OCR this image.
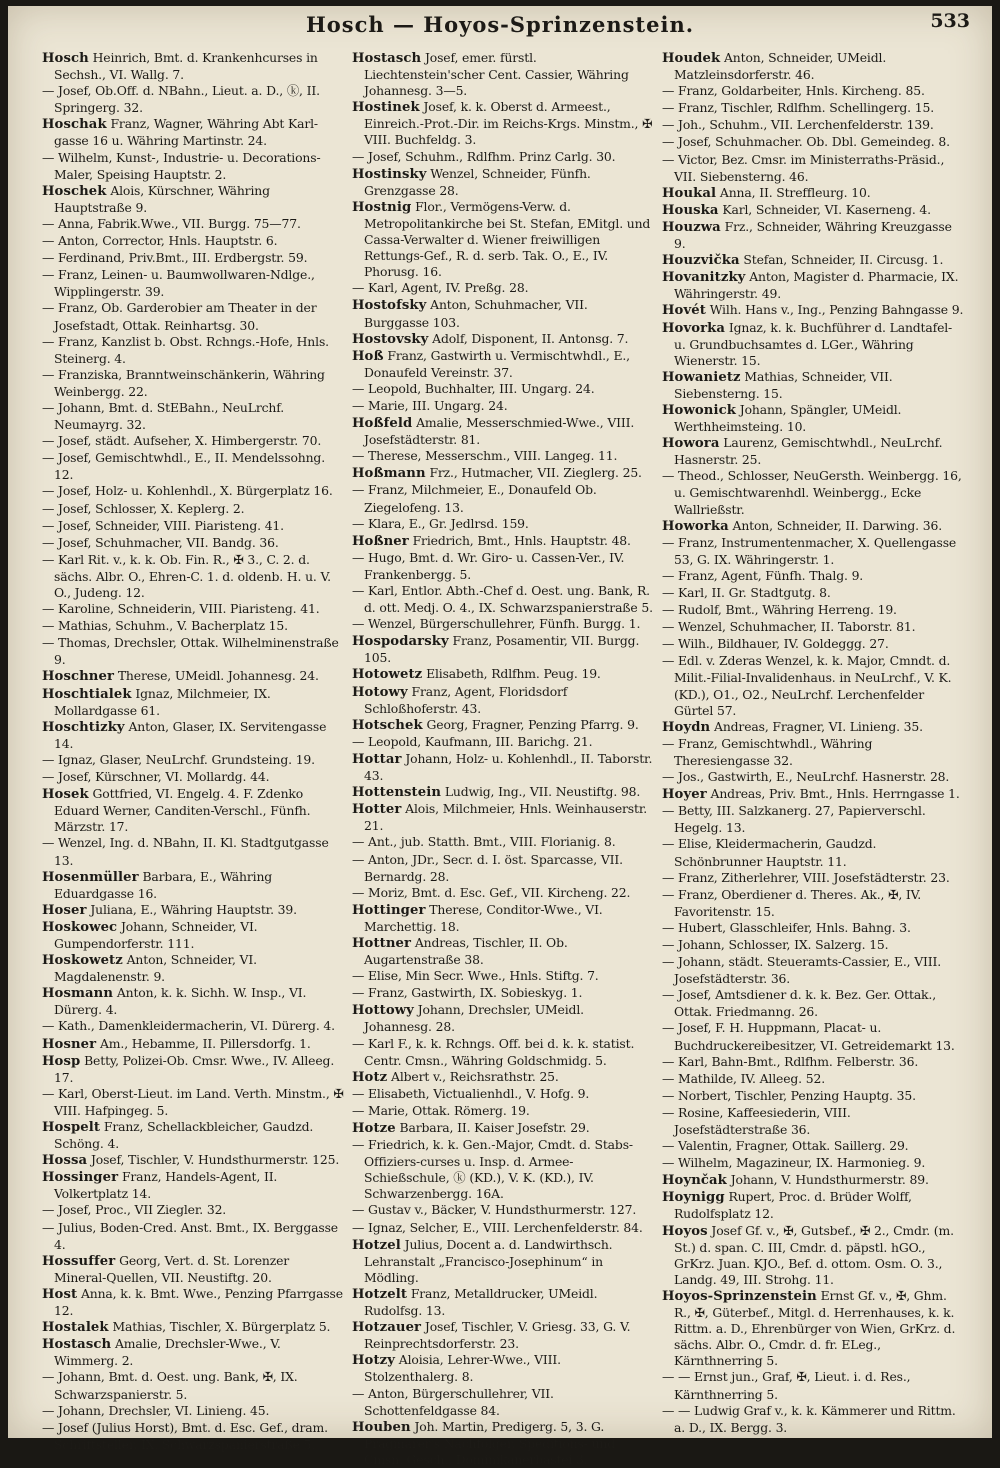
Hosch — Hoyos-Sprinzenstein.	533

Hosch Heinrich, Bmt. d. Krankenhcurses in Sechsh., VI. Wallg. 7.

— Josef, Ob.Off. d. NBahn., Lieut. a. D., ⓚ, II. Springerg. 32.

Hoschak Franz, Wagner, Währing Abt Karl-gasse 16 u. Währing Martinstr. 24.

— Wilhelm, Kunst-, Industrie- u. Decorations-Maler, Speising Hauptstr. 2.

Hoschek Alois, Kürschner, Währing Hauptstraße 9.

— Anna, Fabrik.Wwe., VII. Burgg. 75—77.

— Anton, Corrector, Hnls. Hauptstr. 6.

— Ferdinand, Priv.Bmt., III. Erdbergstr. 59.

— Franz, Leinen- u. Baumwollwaren-Ndlge., Wipplingerstr. 39.

— Franz, Ob. Garderobier am Theater in der Josefstadt, Ottak. Reinhartsg. 30.

— Franz, Kanzlist b. Obst. Rchngs.-Hofe, Hnls. Steinerg. 4.

— Franziska, Branntweinschänkerin, Währing Weinbergg. 22.

— Johann, Bmt. d. StEBahn., NeuLrchf. Neumayrg. 32.

— Josef, städt. Aufseher, X. Himbergerstr. 70.

— Josef, Gemischtwhdl., E., II. Mendelssohng. 12.

— Josef, Holz- u. Kohlenhdl., X. Bürgerplatz 16.

— Josef, Schlosser, X. Keplerg. 2.

— Josef, Schneider, VIII. Piaristeng. 41.

— Josef, Schuhmacher, VII. Bandg. 36.

— Karl Rit. v., k. k. Ob. Fin. R., ✠ 3., C. 2. d. sächs. Albr. O., Ehren-C. 1. d. oldenb. H. u. V. O., Judeng. 12.

— Karoline, Schneiderin, VIII. Piaristeng. 41.

— Mathias, Schuhm., V. Bacherplatz 15.

— Thomas, Drechsler, Ottak. Wilhelminenstraße 9.

Hoschner Therese, UMeidl. Johannesg. 24.

Hoschtialek Ignaz, Milchmeier, IX. Mollardgasse 61.

Hoschtizky Anton, Glaser, IX. Servitengasse 14.

— Ignaz, Glaser, NeuLrchf. Grundsteing. 19.

— Josef, Kürschner, VI. Mollardg. 44.

Hosek Gottfried, VI. Engelg. 4. F. Zdenko Eduard Werner, Canditen-Verschl., Fünfh. Märzstr. 17.

— Wenzel, Ing. d. NBahn, II. Kl. Stadtgutgasse 13.

Hosenmüller Barbara, E., Währing Eduardgasse 16.

Hoser Juliana, E., Währing Hauptstr. 39.

Hoskowec Johann, Schneider, VI. Gumpendorferstr. 111.

Hoskowetz Anton, Schneider, VI. Magdalenenstr. 9.

Hosmann Anton, k. k. Sichh. W. Insp., VI. Dürerg. 4.

— Kath., Damenkleidermacherin, VI. Dürerg. 4.

Hosner Am., Hebamme, II. Pillersdorfg. 1.

Hosp Betty, Polizei-Ob. Cmsr. Wwe., IV. Alleeg. 17.

— Karl, Oberst-Lieut. im Land. Verth. Minstm., ✠ VIII. Hafpingeg. 5.

Hospelt Franz, Schellackbleicher, Gaudzd. Schöng. 4.

Hossa Josef, Tischler, V. Hundsthurmerstr. 125.

Hossinger Franz, Handels-Agent, II. Volkertplatz 14.

— Josef, Proc., VII Ziegler. 32.

— Julius, Boden-Cred. Anst. Bmt., IX. Berggasse 4.

Hossuffer Georg, Vert. d. St. Lorenzer Mineral-Quellen, VII. Neustiftg. 20.

Host Anna, k. k. Bmt. Wwe., Penzing Pfarrgasse 12.

Hostalek Mathias, Tischler, X. Bürgerplatz 5.

Hostasch Amalie, Drechsler-Wwe., V. Wimmerg. 2.

— Johann, Bmt. d. Oest. ung. Bank, ✠, IX. Schwarzspanierstr. 5.

— Johann, Drechsler, VI. Linieng. 45.

— Josef (Julius Horst), Bmt. d. Esc. Gef., dram. Schriftsteller, IX. Schwarzspanierstraße 5.

Hostasch Josef, emer. fürstl. Liechtenstein'scher Cent. Cassier, Währing Johannesg. 3—5.

Hostinek Josef, k. k. Oberst d. Armeest., Einreich.-Prot.-Dir. im Reichs-Krgs. Minstm., ✠ VIII. Buchfeldg. 3.

— Josef, Schuhm., Rdlfhm. Prinz Carlg. 30.

Hostinsky Wenzel, Schneider, Fünfh. Grenzgasse 28.

Hostnig Flor., Vermögens-Verw. d. Metropolitankirche bei St. Stefan, EMitgl. und Cassa-Verwalter d. Wiener freiwilligen Rettungs-Gef., R. d. serb. Tak. O., E., IV. Phorusg. 16.

— Karl, Agent, IV. Preßg. 28.

Hostofsky Anton, Schuhmacher, VII. Burggasse 103.

Hostovsky Adolf, Disponent, II. Antonsg. 7.

Hoß Franz, Gastwirth u. Vermischtwhdl., E., Donaufeld Vereinstr. 37.

— Leopold, Buchhalter, III. Ungarg. 24.

— Marie, III. Ungarg. 24.

Hoßfeld Amalie, Messerschmied-Wwe., VIII. Josefstädterstr. 81.

— Therese, Messerschm., VIII. Langeg. 11.

Hoßmann Frz., Hutmacher, VII. Zieglerg. 25.

— Franz, Milchmeier, E., Donaufeld Ob. Ziegelofeng. 13.

— Klara, E., Gr. Jedlrsd. 159.

Hoßner Friedrich, Bmt., Hnls. Hauptstr. 48.

— Hugo, Bmt. d. Wr. Giro- u. Cassen-Ver., IV. Frankenbergg. 5.

— Karl, Entlor. Abth.-Chef d. Oest. ung. Bank, R. d. ott. Medj. O. 4., IX. Schwarzspanierstraße 5.

— Wenzel, Bürgerschullehrer, Fünfh. Burgg. 1.

Hospodarsky Franz, Posamentir, VII. Burgg. 105.

Hotowetz Elisabeth, Rdlfhm. Peug. 19.

Hotowy Franz, Agent, Floridsdorf Schloßhoferstr. 43.

Hotschek Georg, Fragner, Penzing Pfarrg. 9.

— Leopold, Kaufmann, III. Barichg. 21.

Hottar Johann, Holz- u. Kohlenhdl., II. Taborstr. 43.

Hottenstein Ludwig, Ing., VII. Neustiftg. 98.

Hotter Alois, Milchmeier, Hnls. Weinhauserstr. 21.

— Ant., jub. Statth. Bmt., VIII. Florianig. 8.

— Anton, JDr., Secr. d. I. öst. Sparcasse, VII. Bernardg. 28.

— Moriz, Bmt. d. Esc. Gef., VII. Kircheng. 22.

Hottinger Therese, Conditor-Wwe., VI. Marchettig. 18.

Hottner Andreas, Tischler, II. Ob. Augartenstraße 38.

— Elise, Min Secr. Wwe., Hnls. Stiftg. 7.

— Franz, Gastwirth, IX. Sobieskyg. 1.

Hottowy Johann, Drechsler, UMeidl. Johannesg. 28.

— Karl F., k. k. Rchngs. Off. bei d. k. k. statist. Centr. Cmsn., Währing Goldschmidg. 5.

Hotz Albert v., Reichsrathstr. 25.

— Elisabeth, Victualienhdl., V. Hofg. 9.

— Marie, Ottak. Römerg. 19.

Hotze Barbara, II. Kaiser Josefstr. 29.

— Friedrich, k. k. Gen.-Major, Cmdt. d. Stabs-Offiziers-curses u. Insp. d. Armee-Schießschule, ⓚ (KD.), V. K. (KD.), IV. Schwarzenbergg. 16A.

— Gustav v., Bäcker, V. Hundsthurmerstr. 127.

— Ignaz, Selcher, E., VIII. Lerchenfelderstr. 84.

Hotzel Julius, Docent a. d. Landwirthsch. Lehranstalt „Francisco-Josephinum“ in Mödling.

Hotzelt Franz, Metalldrucker, UMeidl. Rudolfsg. 13.

Hotzauer Josef, Tischler, V. Griesg. 33, G. V. Reinprechtsdorferstr. 23.

Hotzy Aloisia, Lehrer-Wwe., VIII. Stolzenthalerg. 8.

— Anton, Bürgerschullehrer, VII. Schottenfeldgasse 84.

Houben Joh. Martin, Predigerg. 5, 3. G. Pragmarer's Nachfolger, Speditions- und Cmsn. Gesch., Dominikanerbastei 3.

Houdek Anton, Schneider, UMeidl. Matzleinsdorferstr. 46.

— Franz, Goldarbeiter, Hnls. Kircheng. 85.

— Franz, Tischler, Rdlfhm. Schellingerg. 15.

— Joh., Schuhm., VII. Lerchenfelderstr. 139.

— Josef, Schuhmacher. Ob. Dbl. Gemeindeg. 8.

— Victor, Bez. Cmsr. im Ministerraths-Präsid., VII. Siebensterng. 46.

Houkal Anna, II. Streffleurg. 10.

Houska Karl, Schneider, VI. Kaserneng. 4.

Houzwa Frz., Schneider, Währing Kreuzgasse 9.

Houzvička Stefan, Schneider, II. Circusg. 1.

Hovanitzky Anton, Magister d. Pharmacie, IX. Währingerstr. 49.

Hovét Wilh. Hans v., Ing., Penzing Bahngasse 9.

Hovorka Ignaz, k. k. Buchführer d. Landtafel- u. Grundbuchsamtes d. LGer., Währing Wienerstr. 15.

Howanietz Mathias, Schneider, VII. Siebensterng. 15.

Howonick Johann, Spängler, UMeidl. Werthheimsteing. 10.

Howora Laurenz, Gemischtwhdl., NeuLrchf. Hasnerstr. 25.

— Theod., Schlosser, NeuGersth. Weinbergg. 16, u. Gemischtwarenhdl. Weinbergg., Ecke Wallrießstr.

Howorka Anton, Schneider, II. Darwing. 36.

— Franz, Instrumentenmacher, X. Quellengasse 53, G. IX. Währingerstr. 1.

— Franz, Agent, Fünfh. Thalg. 9.

— Karl, II. Gr. Stadtgutg. 8.

— Rudolf, Bmt., Währing Herreng. 19.

— Wenzel, Schuhmacher, II. Taborstr. 81.

— Wilh., Bildhauer, IV. Goldeggg. 27.

— Edl. v. Zderas Wenzel, k. k. Major, Cmndt. d. Milit.-Filial-Invalidenhaus. in NeuLrchf., V. K. (KD.), O1., O2., NeuLrchf. Lerchenfelder Gürtel 57.

Hoydn Andreas, Fragner, VI. Linieng. 35.

— Franz, Gemischtwhdl., Währing Theresiengasse 32.

— Jos., Gastwirth, E., NeuLrchf. Hasnerstr. 28.

Hoyer Andreas, Priv. Bmt., Hnls. Herrngasse 1.

— Betty, III. Salzkanerg. 27, Papierverschl. Hegelg. 13.

— Elise, Kleidermacherin, Gaudzd. Schönbrunner Hauptstr. 11.

— Franz, Zitherlehrer, VIII. Josefstädterstr. 23.

— Franz, Oberdiener d. Theres. Ak., ✠, IV. Favoritenstr. 15.

— Hubert, Glasschleifer, Hnls. Bahng. 3.

— Johann, Schlosser, IX. Salzerg. 15.

— Johann, städt. Steueramts-Cassier, E., VIII. Josefstädterstr. 36.

— Josef, Amtsdiener d. k. k. Bez. Ger. Ottak., Ottak. Friedmanng. 26.

— Josef, F. H. Huppmann, Placat- u. Buchdruckereibesitzer, VI. Getreidemarkt 13.

— Karl, Bahn-Bmt., Rdlfhm. Felberstr. 36.

— Mathilde, IV. Alleeg. 52.

— Norbert, Tischler, Penzing Hauptg. 35.

— Rosine, Kaffeesiederin, VIII. Josefstädterstraße 36.

— Valentin, Fragner, Ottak. Saillerg. 29.

— Wilhelm, Magazineur, IX. Harmonieg. 9.

Hoynčak Johann, V. Hundsthurmerstr. 89.

Hoynigg Rupert, Proc. d. Brüder Wolff, Rudolfsplatz 12.

Hoyos Josef Gf. v., ✠, Gutsbef., ✠ 2., Cmdr. (m. St.) d. span. C. III, Cmdr. d. päpstl. hGO., GrKrz. Juan. KJO., Bef. d. ottom. Osm. O. 3., Landg. 49, III. Strohg. 11.

Hoyos-Sprinzenstein Ernst Gf. v., ✠, Ghm. R., ✠, Güterbef., Mitgl. d. Herrenhauses, k. k. Rittm. a. D., Ehrenbürger von Wien, GrKrz. d. sächs. Albr. O., Cmdr. d. fr. ELeg., Kärnthnerring 5.

— — Ernst jun., Graf, ✠, Lieut. i. d. Res., Kärnthnerring 5.

— — Ludwig Graf v., k. k. Kämmerer und Rittm. a. D., IX. Bergg. 3.
